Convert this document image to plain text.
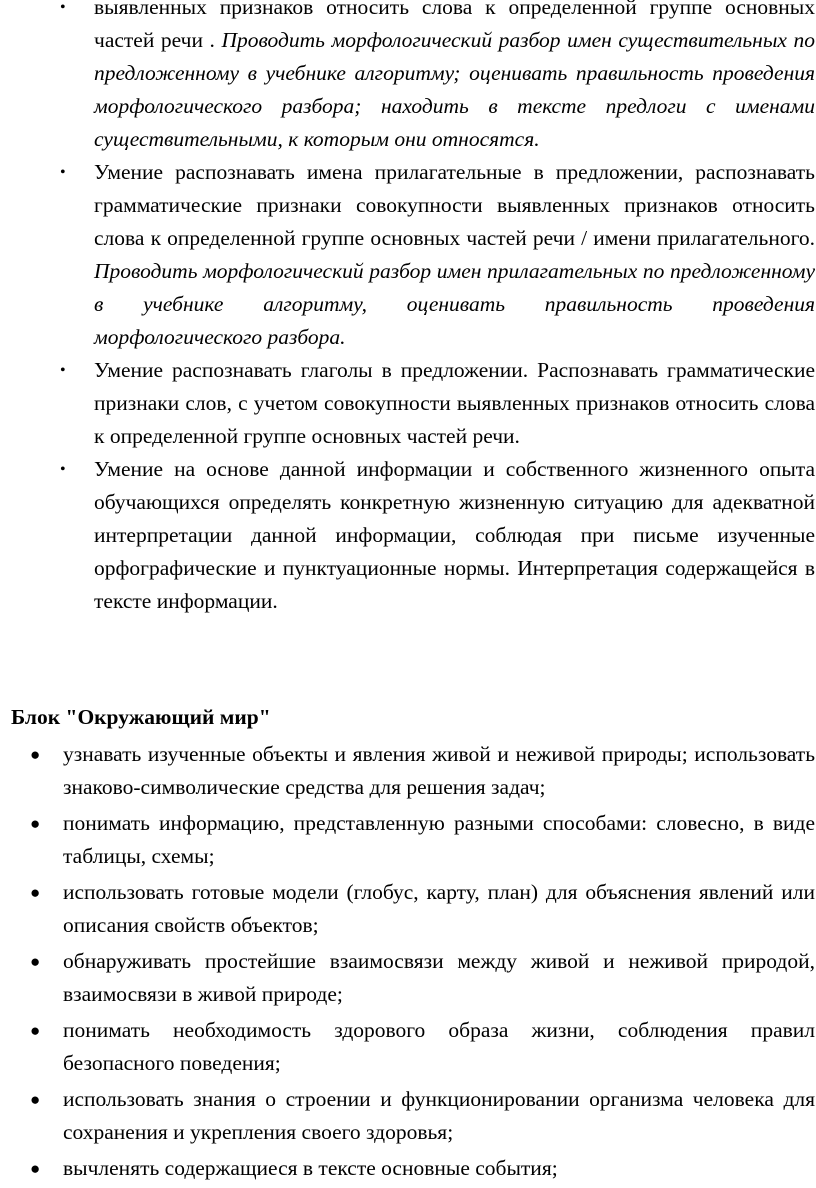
• выявленных признаков относить слова к определенной группе основных частей речи . Проводить морфологический разбор имен существительных по предложенному в учебнике алгоритму; оценивать правильность проведения морфологического разбора; находить в тексте предлоги с именами существительными, к которым они относятся.
• Умение распознавать имена прилагательные в предложении, распознавать грамматические признаки совокупности выявленных признаков относить слова к определенной группе основных частей речи / имени прилагательного. Проводить морфологический разбор имен прилагательных по предложенному в учебнике алгоритму, оценивать правильность проведения морфологического разбора.
• Умение распознавать глаголы в предложении. Распознавать грамматические признаки слов, с учетом совокупности выявленных признаков относить слова к определенной группе основных частей речи.
• Умение на основе данной информации и собственного жизненного опыта обучающихся определять конкретную жизненную ситуацию для адекватной интерпретации данной информации, соблюдая при письме изученные орфографические и пунктуационные нормы. Интерпретация содержащейся в тексте информации.
Блок "Окружающий мир"
● узнавать изученные объекты и явления живой и неживой природы; использовать знаково-символические средства для решения задач;
● понимать информацию, представленную разными способами: словесно, в виде таблицы, схемы;
● использовать готовые модели (глобус, карту, план) для объяснения явлений или описания свойств объектов;
● обнаруживать простейшие взаимосвязи между живой и неживой природой, взаимосвязи в живой природе;
● понимать необходимость здорового образа жизни, соблюдения правил безопасного поведения;
● использовать знания о строении и функционировании организма человека для сохранения и укрепления своего здоровья;
● вычленять содержащиеся в тексте основные события;
